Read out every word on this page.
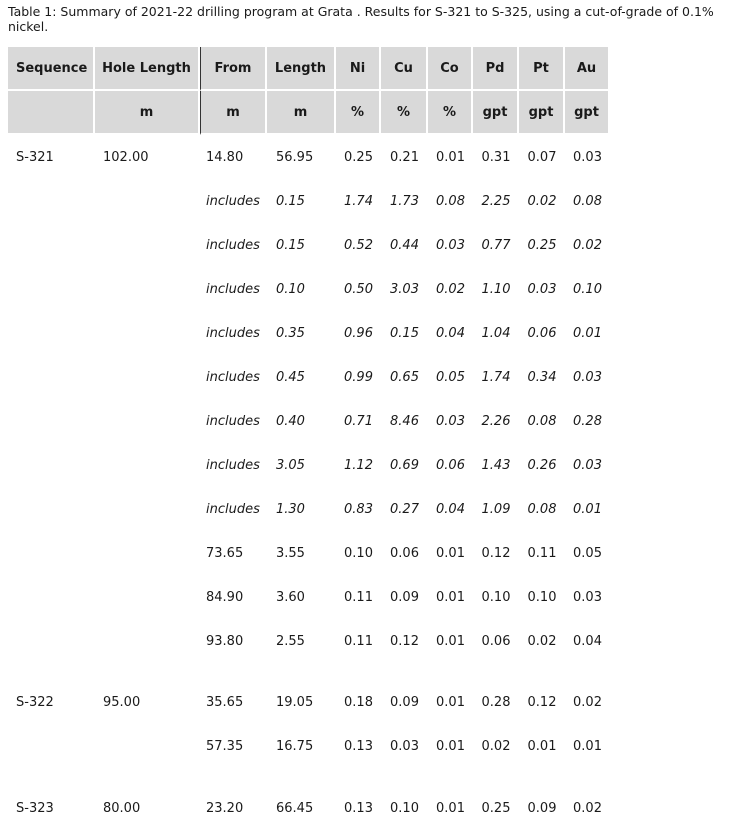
Table 1: Summary of 2021-22 drilling program at Grata . Results for S-321 to S-325, using a cut-of-grade of 0.1% nickel.
Sequence	Hole Length	From	Length	Ni	Cu	Co	Pd	Pt	Au
	m	m	m	%	%	%	gpt	gpt	gpt
S-321	102.00	14.80	56.95	0.25	0.21	0.01	0.31	0.07	0.03
		includes	0.15	1.74	1.73	0.08	2.25	0.02	0.08
		includes	0.15	0.52	0.44	0.03	0.77	0.25	0.02
		includes	0.10	0.50	3.03	0.02	1.10	0.03	0.10
		includes	0.35	0.96	0.15	0.04	1.04	0.06	0.01
		includes	0.45	0.99	0.65	0.05	1.74	0.34	0.03
		includes	0.40	0.71	8.46	0.03	2.26	0.08	0.28
		includes	3.05	1.12	0.69	0.06	1.43	0.26	0.03
		includes	1.30	0.83	0.27	0.04	1.09	0.08	0.01
		73.65	3.55	0.10	0.06	0.01	0.12	0.11	0.05
		84.90	3.60	0.11	0.09	0.01	0.10	0.10	0.03
		93.80	2.55	0.11	0.12	0.01	0.06	0.02	0.04

S-322	95.00	35.65	19.05	0.18	0.09	0.01	0.28	0.12	0.02
		57.35	16.75	0.13	0.03	0.01	0.02	0.01	0.01

S-323	80.00	23.20	66.45	0.13	0.10	0.01	0.25	0.09	0.02
